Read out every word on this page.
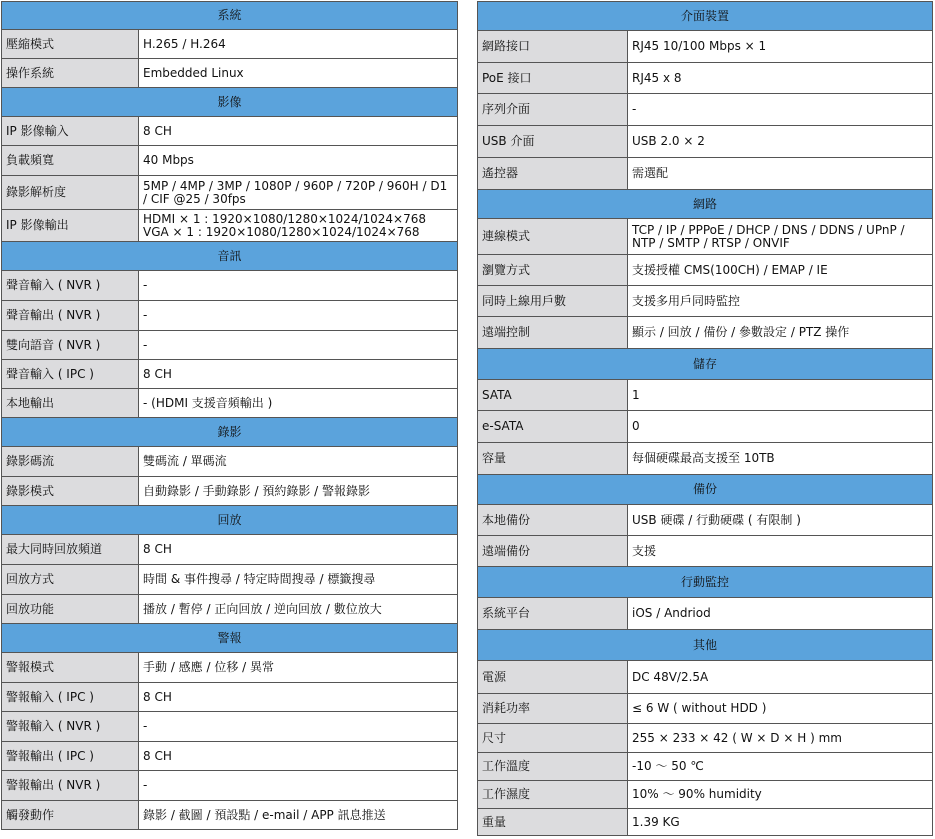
系統	
壓縮模式	H.265 / H.264
操作系統	Embedded Linux
影像	
IP 影像輸入	8 CH
負載頻寬	40 Mbps
錄影解析度	5MP / 4MP / 3MP / 1080P / 960P / 720P / 960H / D1 / CIF @25 / 30fps
IP 影像輸出	HDMI × 1 : 1920×1080/1280×1024/1024×768
VGA × 1 : 1920×1080/1280×1024/1024×768
音訊	
聲音輸入 ( NVR )	-
聲音輸出 ( NVR )	-
雙向語音 ( NVR )	-
聲音輸入 ( IPC )	8 CH
本地輸出	- (HDMI 支援音頻輸出 )
錄影	
錄影碼流	雙碼流 / 單碼流
錄影模式	自動錄影 / 手動錄影 / 預約錄影 / 警報錄影
回放	
最大同時回放頻道	8 CH
回放方式	時間 & 事件搜尋 / 特定時間搜尋 / 標籤搜尋
回放功能	播放 / 暫停 / 正向回放 / 逆向回放 / 數位放大
警報	
警報模式	手動 / 感應 / 位移 / 異常
警報輸入 ( IPC )	8 CH
警報輸入 ( NVR )	-
警報輸出 ( IPC )	8 CH
警報輸出 ( NVR )	-
觸發動作	錄影 / 截圖 / 預設點 / e-mail / APP 訊息推送
介面裝置	
網路接口	RJ45 10/100 Mbps × 1
PoE 接口	RJ45 x 8
序列介面	-
USB 介面	USB 2.0 × 2
遙控器	需選配
網路	
連線模式	TCP / IP / PPPoE / DHCP / DNS / DDNS / UPnP / NTP / SMTP / RTSP / ONVIF
瀏覽方式	支援授權 CMS(100CH) / EMAP / IE
同時上線用戶數	支援多用戶同時監控
遠端控制	顯示 / 回放 / 備份 / 參數設定 / PTZ 操作
儲存	
SATA	1
e-SATA	0
容量	每個硬碟最高支援至 10TB
備份	
本地備份	USB 硬碟 / 行動硬碟 ( 有限制 )
遠端備份	支援
行動監控	
系統平台	iOS / Andriod
其他	
電源	DC 48V/2.5A
消耗功率	≤ 6 W ( without HDD )
尺寸	255 × 233 × 42 ( W × D × H ) mm
工作溫度	-10 ～ 50 ℃
工作濕度	10% ～ 90% humidity
重量	1.39 KG
